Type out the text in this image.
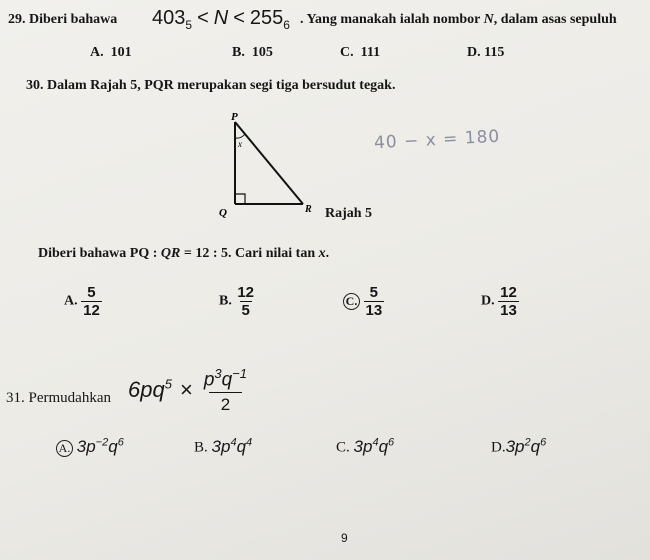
29. Diberi bahawa $403_5 < N < 255_6$ . Yang manakah ialah nombor N, dalam asas sepuluh
A. 101	B. 105	C. 111	D. 115
30. Dalam Rajah 5, PQR merupakan segi tiga bersudut tegak.
P
Q	R
x
Rajah 5
40 − x = 180
Diberi bahawa PQ : QR = 12 : 5. Cari nilai tan x.
A. $\frac{5}{12}$	B. $\frac{12}{5}$	C. $\frac{5}{13}$	D. $\frac{12}{13}$
31. Permudahkan $6pq^5 \times \frac{p^3q^{-1}}{2}$
A. $3p^{-2}q^6$	B. $3p^4q^4$	C. $3p^4q^6$	$D.3p^2q^6$
9
